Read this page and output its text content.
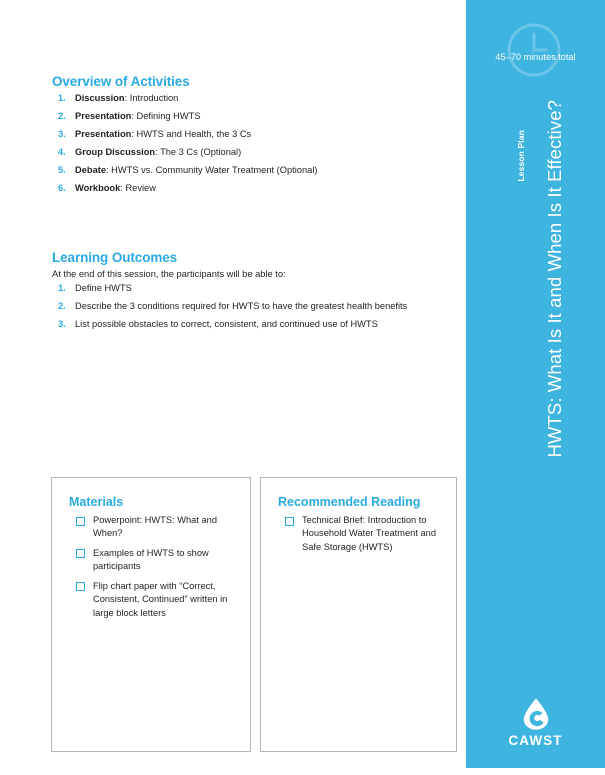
Overview of Activities
1. Discussion: Introduction
2. Presentation: Defining HWTS
3. Presentation: HWTS and Health, the 3 Cs
4. Group Discussion: The 3 Cs (Optional)
5. Debate: HWTS vs. Community Water Treatment (Optional)
6. Workbook: Review
Learning Outcomes

At the end of this session, the participants will be able to:

1. Define HWTS
2. Describe the 3 conditions required for HWTS to have the greatest health benefits
3. List possible obstacles to correct, consistent, and continued use of HWTS
Materials
Powerpoint: HWTS: What and When?
Examples of HWTS to show participants
Flip chart paper with “Correct, Consistent, Continued” written in large block letters
Recommended Reading
Technical Brief: Introduction to Household Water Treatment and Safe Storage (HWTS)
45–70 minutes total
Lesson Plan HWTS: What Is It and When Is It Effective?
CAWST
